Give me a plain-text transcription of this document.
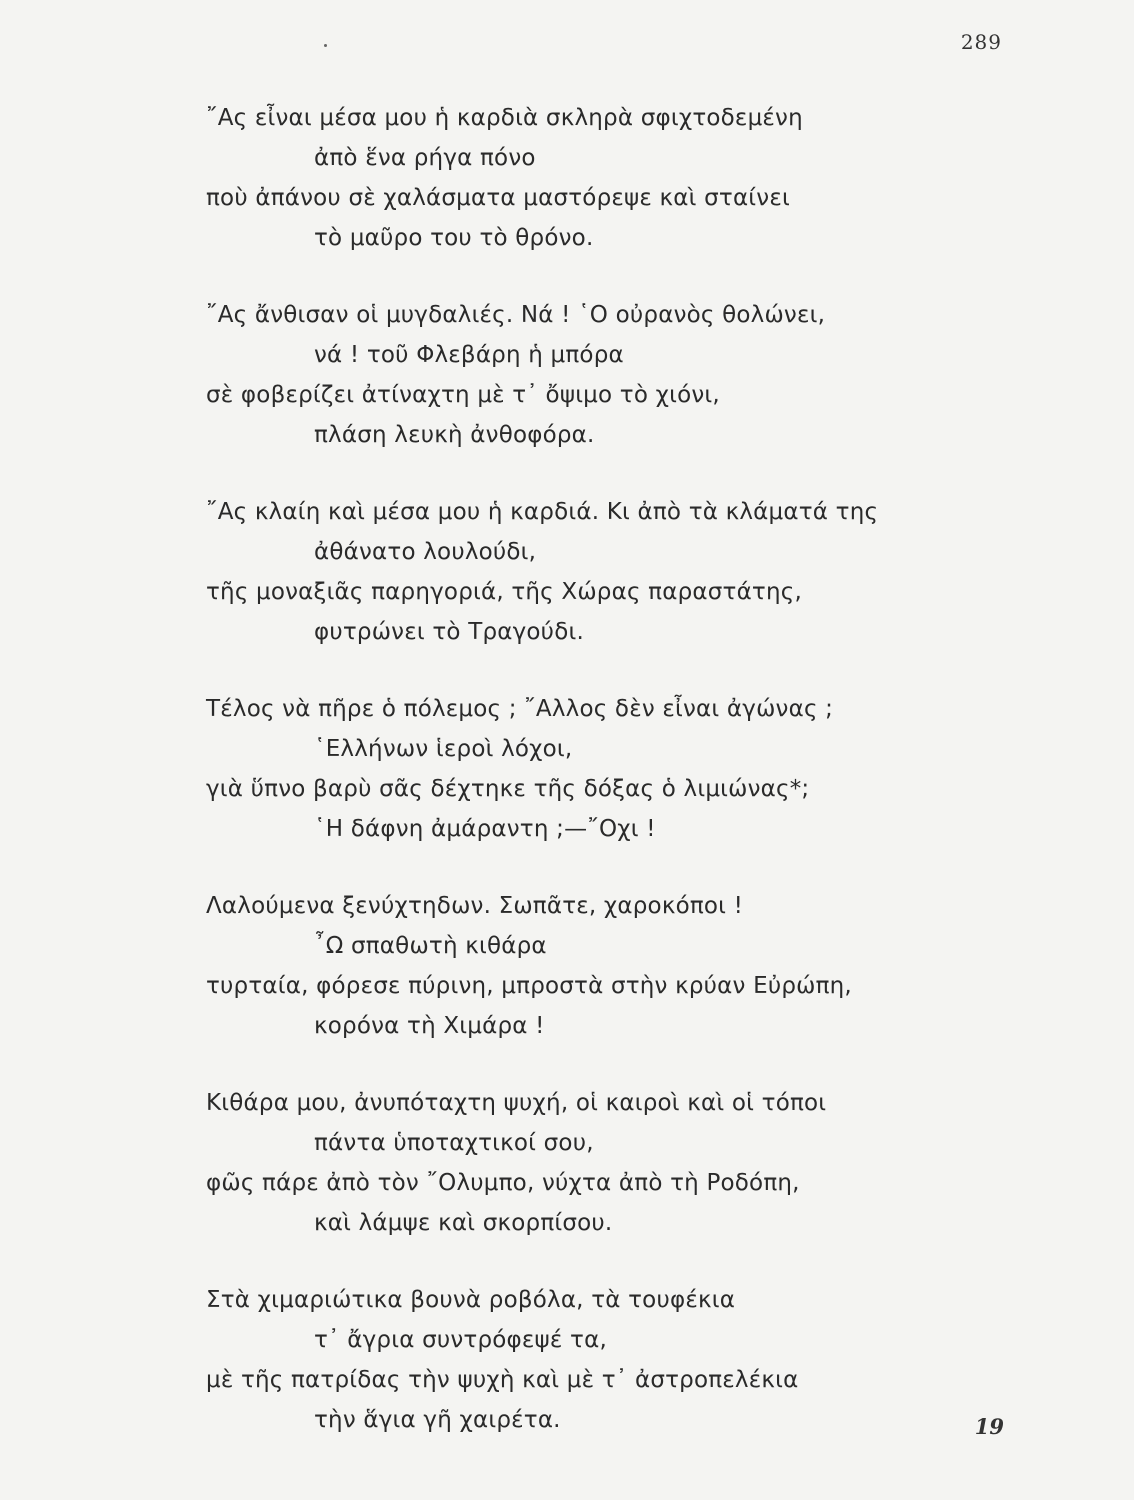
289
῎Ας εἶναι μέσα μου ἡ καρδιὰ σκληρὰ σφιχτοδεμένη
ἀπὸ ἕνα ρήγα πόνο
ποὺ ἀπάνου σὲ χαλάσματα μαστόρεψε καὶ σταίνει
τὸ μαῦρο του τὸ θρόνο.
῎Ας ἄνθισαν οἱ μυγδαλιές. Νά ! ῾Ο οὐρανὸς θολώνει,
νά ! τοῦ Φλεβάρη ἡ μπόρα
σὲ φοβερίζει ἀτίναχτη μὲ τ᾽ ὄψιμο τὸ χιόνι,
πλάση λευκὴ ἀνθοφόρα.
῎Ας κλαίη καὶ μέσα μου ἡ καρδιά. Κι ἀπὸ τὰ κλάματά της
ἀθάνατο λουλούδι,
τῆς μοναξιᾶς παρηγοριά, τῆς Χώρας παραστάτης,
φυτρώνει τὸ Τραγούδι.
Τέλος νὰ πῆρε ὁ πόλεμος ; ῎Αλλος δὲν εἶναι ἀγώνας ;
῾Ελλήνων ἱεροὶ λόχοι,
γιὰ ὕπνο βαρὺ σᾶς δέχτηκε τῆς δόξας ὁ λιμιώνας*;
῾Η δάφνη ἀμάραντη ;—῎Οχι !
Λαλούμενα ξενύχτηδων. Σωπᾶτε, χαροκόποι !
῏Ω σπαθωτὴ κιθάρα
τυρταία, φόρεσε πύρινη, μπροστὰ στὴν κρύαν Εὐρώπη,
κορόνα τὴ Χιμάρα !
Κιθάρα μου, ἀνυπόταχτη ψυχή, οἱ καιροὶ καὶ οἱ τόποι
πάντα ὑποταχτικοί σου,
φῶς πάρε ἀπὸ τὸν ῎Ολυμπο, νύχτα ἀπὸ τὴ Ροδόπη,
καὶ λάμψε καὶ σκορπίσου.
Στὰ χιμαριώτικα βουνὰ ροβόλα, τὰ τουφέκια
τ᾽ ἄγρια συντρόφεψέ τα,
μὲ τῆς πατρίδας τὴν ψυχὴ καὶ μὲ τ᾽ ἀστροπελέκια
τὴν ἅγια γῆ χαιρέτα.	19
